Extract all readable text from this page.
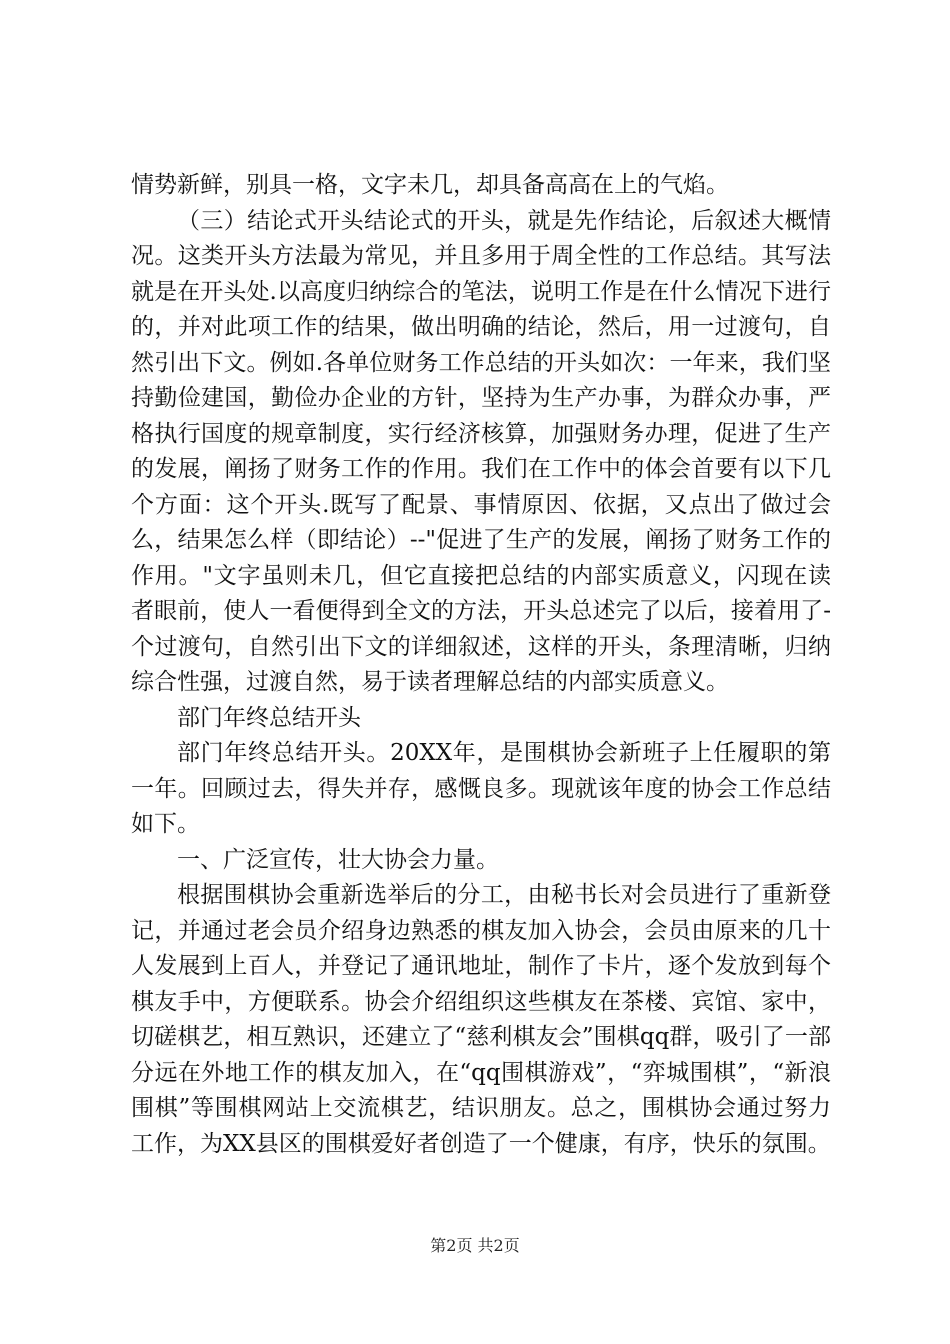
情势新鲜，别具一格，文字未几，却具备高高在上的气焰。

（三）结论式开头结论式的开头，就是先作结论，后叙述大概情况。这类开头方法最为常见，并且多用于周全性的工作总结。其写法就是在开头处.以高度归纳综合的笔法，说明工作是在什么情况下进行的，并对此项工作的结果，做出明确的结论，然后，用一过渡句，自然引出下文。例如.各单位财务工作总结的开头如次：一年来，我们坚持勤俭建国，勤俭办企业的方针，坚持为生产办事，为群众办事，严格执行国度的规章制度，实行经济核算，加强财务办理，促进了生产的发展，阐扬了财务工作的作用。我们在工作中的体会首要有以下几个方面：这个开头.既写了配景、事情原因、依据，又点出了做过会么，结果怎么样（即结论）--"促进了生产的发展，阐扬了财务工作的作用。"文字虽则未几，但它直接把总结的内部实质意义，闪现在读者眼前，使人一看便得到全文的方法，开头总述完了以后，接着用了-个过渡句，自然引出下文的详细叙述，这样的开头，条理清晰，归纳综合性强，过渡自然，易于读者理解总结的内部实质意义。

部门年终总结开头

部门年终总结开头。20XX年，是围棋协会新班子上任履职的第一年。回顾过去，得失并存，感慨良多。现就该年度的协会工作总结如下。

一、广泛宣传，壮大协会力量。

根据围棋协会重新选举后的分工，由秘书长对会员进行了重新登记，并通过老会员介绍身边熟悉的棋友加入协会，会员由原来的几十人发展到上百人，并登记了通讯地址，制作了卡片，逐个发放到每个棋友手中，方便联系。协会介绍组织这些棋友在茶楼、宾馆、家中，切磋棋艺，相互熟识，还建立了“慈利棋友会”围棋qq群，吸引了一部分远在外地工作的棋友加入，在“qq围棋游戏”，“弈城围棋”，“新浪围棋”等围棋网站上交流棋艺，结识朋友。总之，围棋协会通过努力工作，为XX县区的围棋爱好者创造了一个健康，有序，快乐的氛围。

第2页 共2页
